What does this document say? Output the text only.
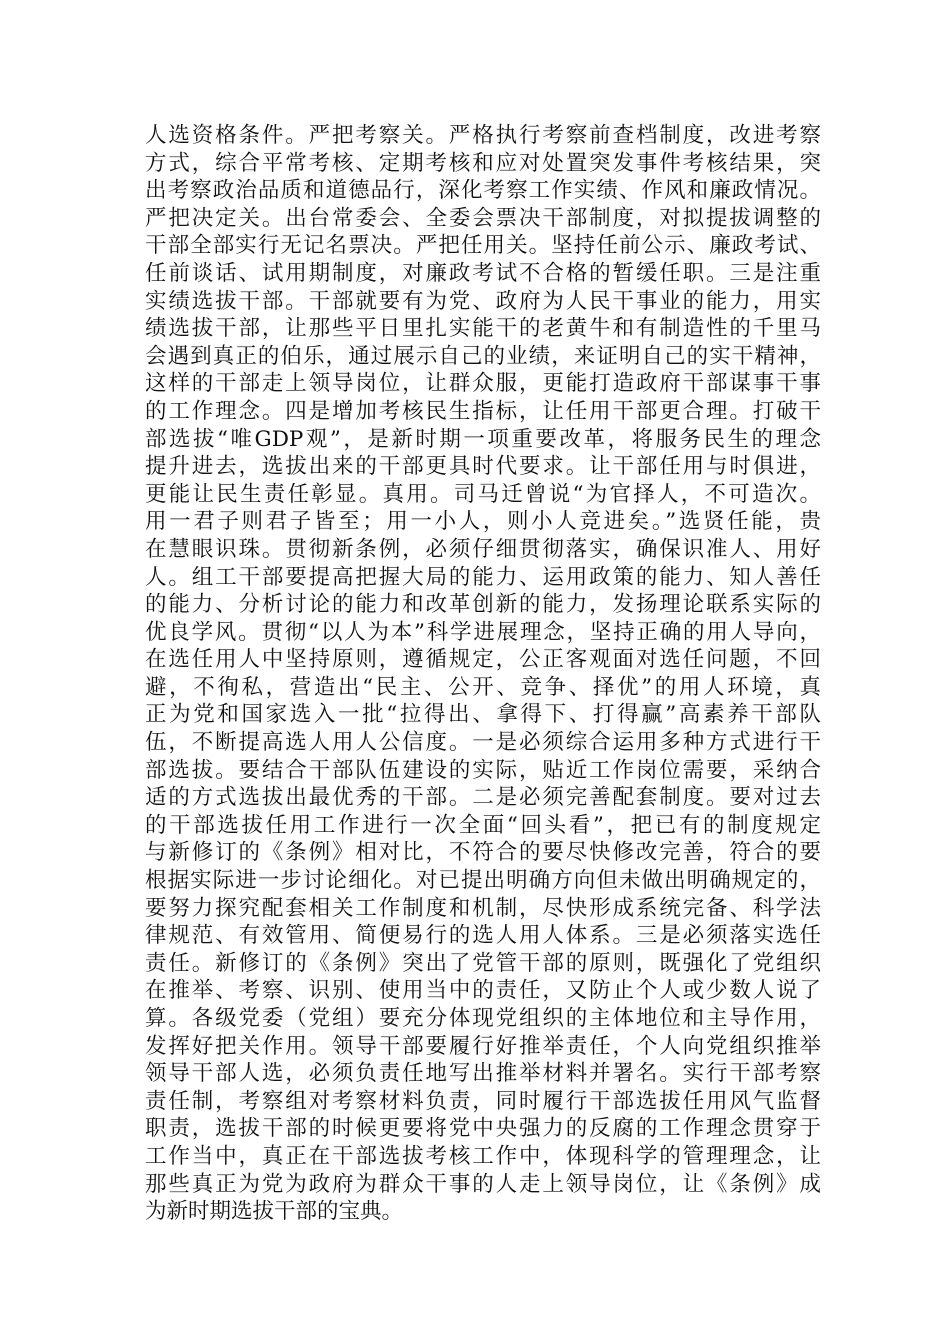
人选资格条件。严把考察关。严格执行考察前查档制度，改进考察
方式，综合平常考核、定期考核和应对处置突发事件考核结果，突
出考察政治品质和道德品行，深化考察工作实绩、作风和廉政情况。
严把决定关。出台常委会、全委会票决干部制度，对拟提拔调整的
干部全部实行无记名票决。严把任用关。坚持任前公示、廉政考试、
任前谈话、试用期制度，对廉政考试不合格的暂缓任职。三是注重
实绩选拔干部。干部就要有为党、政府为人民干事业的能力，用实
绩选拔干部，让那些平日里扎实能干的老黄牛和有制造性的千里马
会遇到真正的伯乐，通过展示自己的业绩，来证明自己的实干精神，
这样的干部走上领导岗位，让群众服，更能打造政府干部谋事干事
的工作理念。四是增加考核民生指标，让任用干部更合理。打破干
部选拔“唯GDP观”，是新时期一项重要改革，将服务民生的理念
提升进去，选拔出来的干部更具时代要求。让干部任用与时俱进，
更能让民生责任彰显。真用。司马迁曾说“为官择人，不可造次。
用一君子则君子皆至；用一小人，则小人竞进矣。”选贤任能，贵
在慧眼识珠。贯彻新条例，必须仔细贯彻落实，确保识准人、用好
人。组工干部要提高把握大局的能力、运用政策的能力、知人善任
的能力、分析讨论的能力和改革创新的能力，发扬理论联系实际的
优良学风。贯彻“以人为本”科学进展理念，坚持正确的用人导向，
在选任用人中坚持原则，遵循规定，公正客观面对选任问题，不回
避，不徇私，营造出“民主、公开、竞争、择优”的用人环境，真
正为党和国家选入一批“拉得出、拿得下、打得赢”高素养干部队
伍，不断提高选人用人公信度。一是必须综合运用多种方式进行干
部选拔。要结合干部队伍建设的实际，贴近工作岗位需要，采纳合
适的方式选拔出最优秀的干部。二是必须完善配套制度。要对过去
的干部选拔任用工作进行一次全面“回头看”，把已有的制度规定
与新修订的《条例》相对比，不符合的要尽快修改完善，符合的要
根据实际进一步讨论细化。对已提出明确方向但未做出明确规定的，
要努力探究配套相关工作制度和机制，尽快形成系统完备、科学法
律规范、有效管用、简便易行的选人用人体系。三是必须落实选任
责任。新修订的《条例》突出了党管干部的原则，既强化了党组织
在推举、考察、识别、使用当中的责任，又防止个人或少数人说了
算。各级党委（党组）要充分体现党组织的主体地位和主导作用，
发挥好把关作用。领导干部要履行好推举责任，个人向党组织推举
领导干部人选，必须负责任地写出推举材料并署名。实行干部考察
责任制，考察组对考察材料负责，同时履行干部选拔任用风气监督
职责，选拔干部的时候更要将党中央强力的反腐的工作理念贯穿于
工作当中，真正在干部选拔考核工作中，体现科学的管理理念，让
那些真正为党为政府为群众干事的人走上领导岗位，让《条例》成
为新时期选拔干部的宝典。
